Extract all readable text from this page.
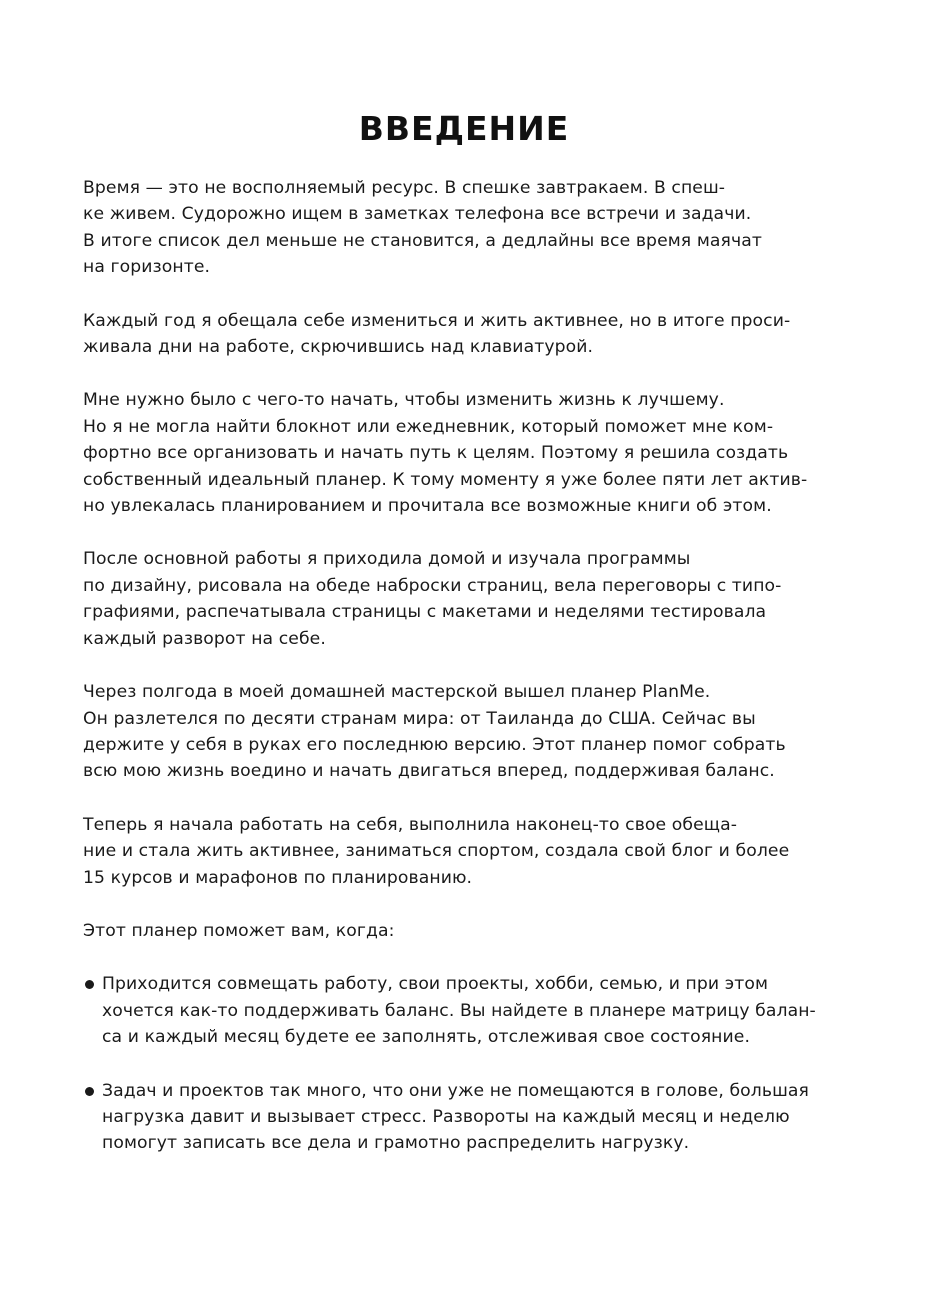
ВВЕДЕНИЕ
Время — это не восполняемый ресурс. В спешке завтракаем. В спеш-
ке живем. Судорожно ищем в заметках телефона все встречи и задачи.
В итоге список дел меньше не становится, а дедлайны все время маячат
на горизонте.
Каждый год я обещала себе измениться и жить активнее, но в итоге проси-
живала дни на работе, скрючившись над клавиатурой.
Мне нужно было с чего-то начать, чтобы изменить жизнь к лучшему.
Но я не могла найти блокнот или ежедневник, который поможет мне ком-
фортно все организовать и начать путь к целям. Поэтому я решила создать
собственный идеальный планер. К тому моменту я уже более пяти лет актив-
но увлекалась планированием и прочитала все возможные книги об этом.
После основной работы я приходила домой и изучала программы
по дизайну, рисовала на обеде наброски страниц, вела переговоры с типо-
графиями, распечатывала страницы с макетами и неделями тестировала
каждый разворот на себе.
Через полгода в моей домашней мастерской вышел планер PlanMe.
Он разлетелся по десяти странам мира: от Таиланда до США. Сейчас вы
держите у себя в руках его последнюю версию. Этот планер помог собрать
всю мою жизнь воедино и начать двигаться вперед, поддерживая баланс.
Теперь я начала работать на себя, выполнила наконец-то свое обеща-
ние и стала жить активнее, заниматься спортом, создала свой блог и более
15 курсов и марафонов по планированию.
Этот планер поможет вам, когда:
Приходится совмещать работу, свои проекты, хобби, семью, и при этом
хочется как-то поддерживать баланс. Вы найдете в планере матрицу балан-
са и каждый месяц будете ее заполнять, отслеживая свое состояние.
Задач и проектов так много, что они уже не помещаются в голове, большая
нагрузка давит и вызывает стресс. Развороты на каждый месяц и неделю
помогут записать все дела и грамотно распределить нагрузку.
